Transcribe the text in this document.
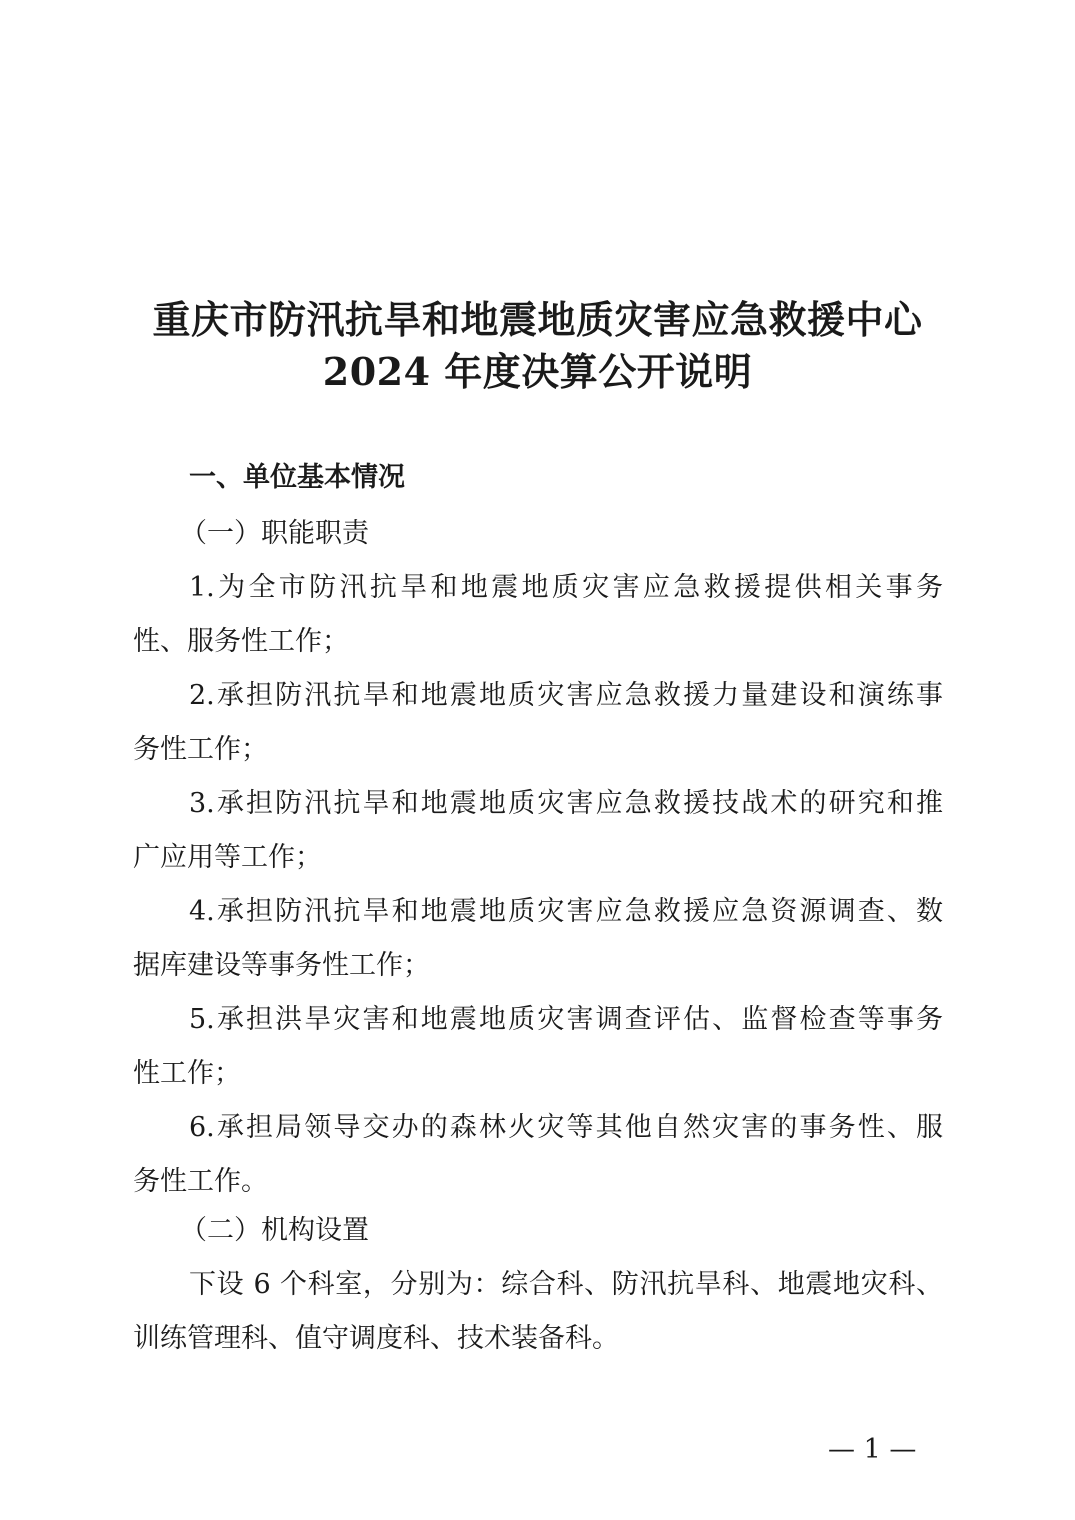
重庆市防汛抗旱和地震地质灾害应急救援中心
2024 年度决算公开说明
一、单位基本情况
（一）职能职责
1.为全市防汛抗旱和地震地质灾害应急救援提供相关事务
性、服务性工作；
2.承担防汛抗旱和地震地质灾害应急救援力量建设和演练事
务性工作；
3.承担防汛抗旱和地震地质灾害应急救援技战术的研究和推
广应用等工作；
4.承担防汛抗旱和地震地质灾害应急救援应急资源调查、数
据库建设等事务性工作；
5.承担洪旱灾害和地震地质灾害调查评估、监督检查等事务
性工作；
6.承担局领导交办的森林火灾等其他自然灾害的事务性、服
务性工作。
（二）机构设置
下设 6 个科室，分别为：综合科、防汛抗旱科、地震地灾科、
训练管理科、值守调度科、技术装备科。
— 1 —
